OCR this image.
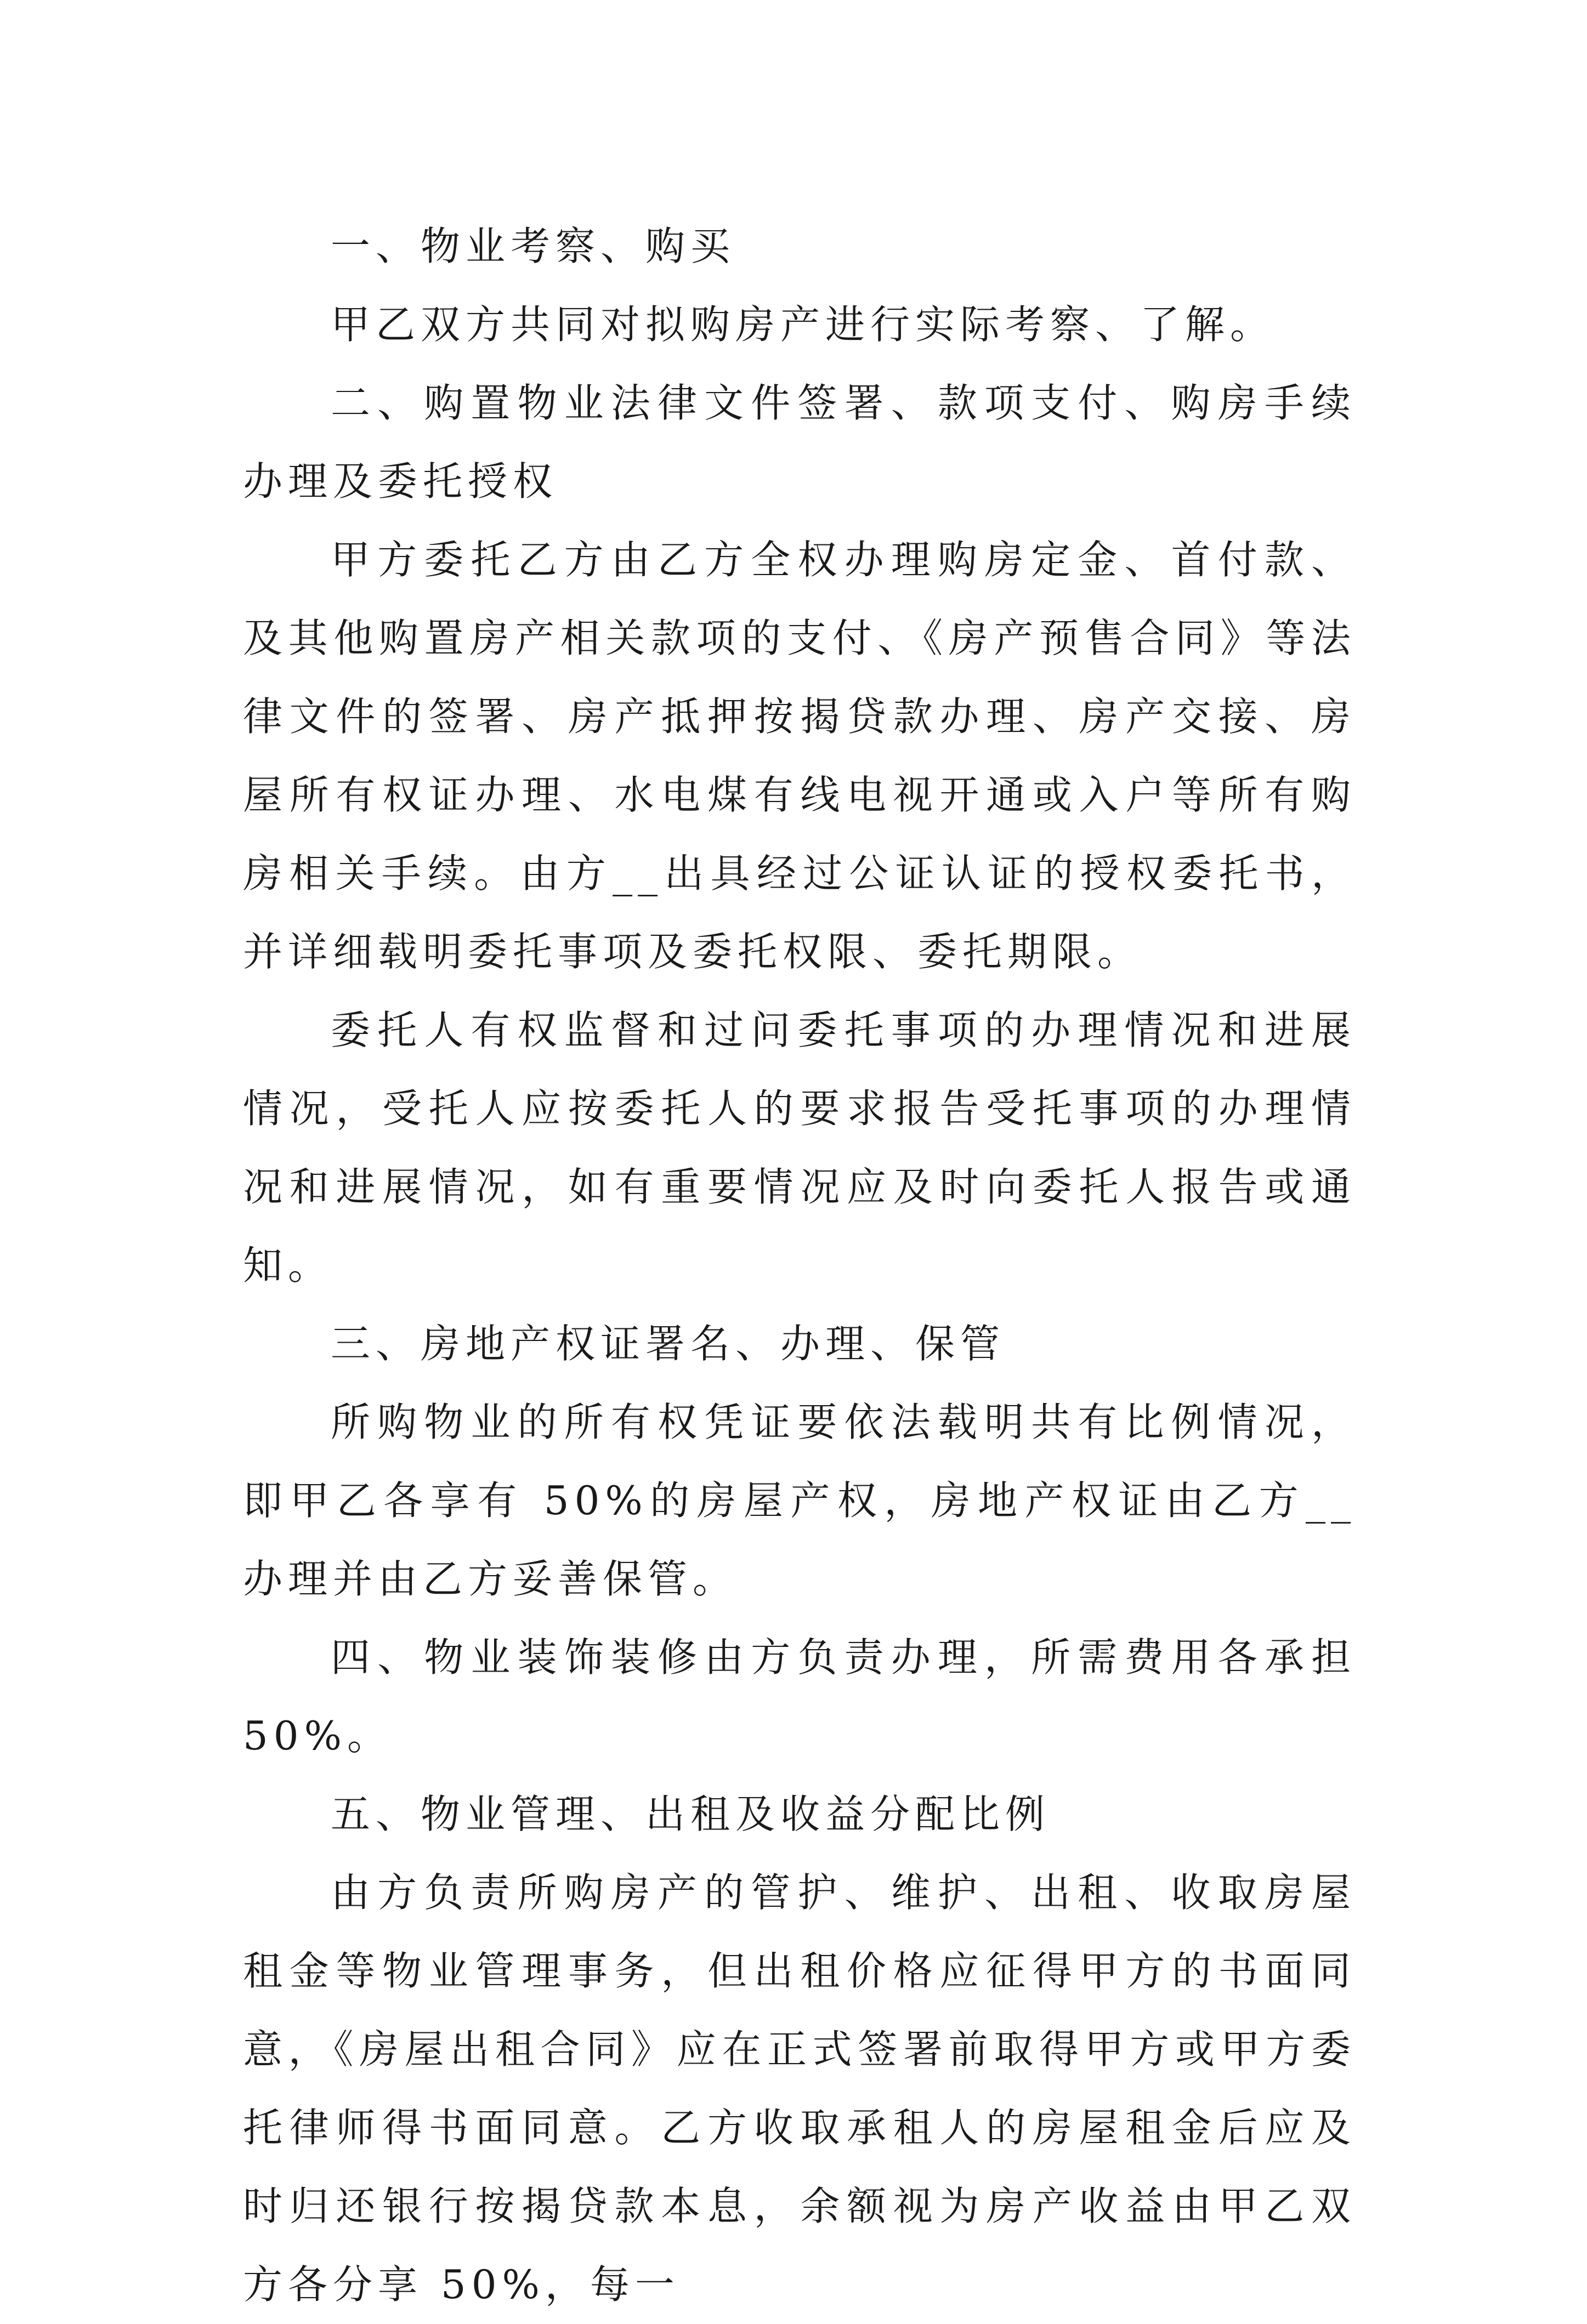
一、物业考察、购买

甲乙双方共同对拟购房产进行实际考察、了解。

二、购置物业法律文件签署、款项支付、购房手续办理及委托授权

甲方委托乙方由乙方全权办理购房定金、首付款、及其他购置房产相关款项的支付、《房产预售合同》等法律文件的签署、房产抵押按揭贷款办理、房产交接、房屋所有权证办理、水电煤有线电视开通或入户等所有购房相关手续。由方__出具经过公证认证的授权委托书，并详细载明委托事项及委托权限、委托期限。

委托人有权监督和过问委托事项的办理情况和进展情况，受托人应按委托人的要求报告受托事项的办理情况和进展情况，如有重要情况应及时向委托人报告或通知。

三、房地产权证署名、办理、保管

所购物业的所有权凭证要依法载明共有比例情况，即甲乙各享有 50%的房屋产权，房地产权证由乙方__办理并由乙方妥善保管。

四、物业装饰装修由方负责办理，所需费用各承担 50%。

五、物业管理、出租及收益分配比例

由方负责所购房产的管护、维护、出租、收取房屋租金等物业管理事务，但出租价格应征得甲方的书面同意，《房屋出租合同》应在正式签署前取得甲方或甲方委托律师得书面同意。乙方收取承租人的房屋租金后应及时归还银行按揭贷款本息，余额视为房产收益由甲乙双方各分享 50%，每一
